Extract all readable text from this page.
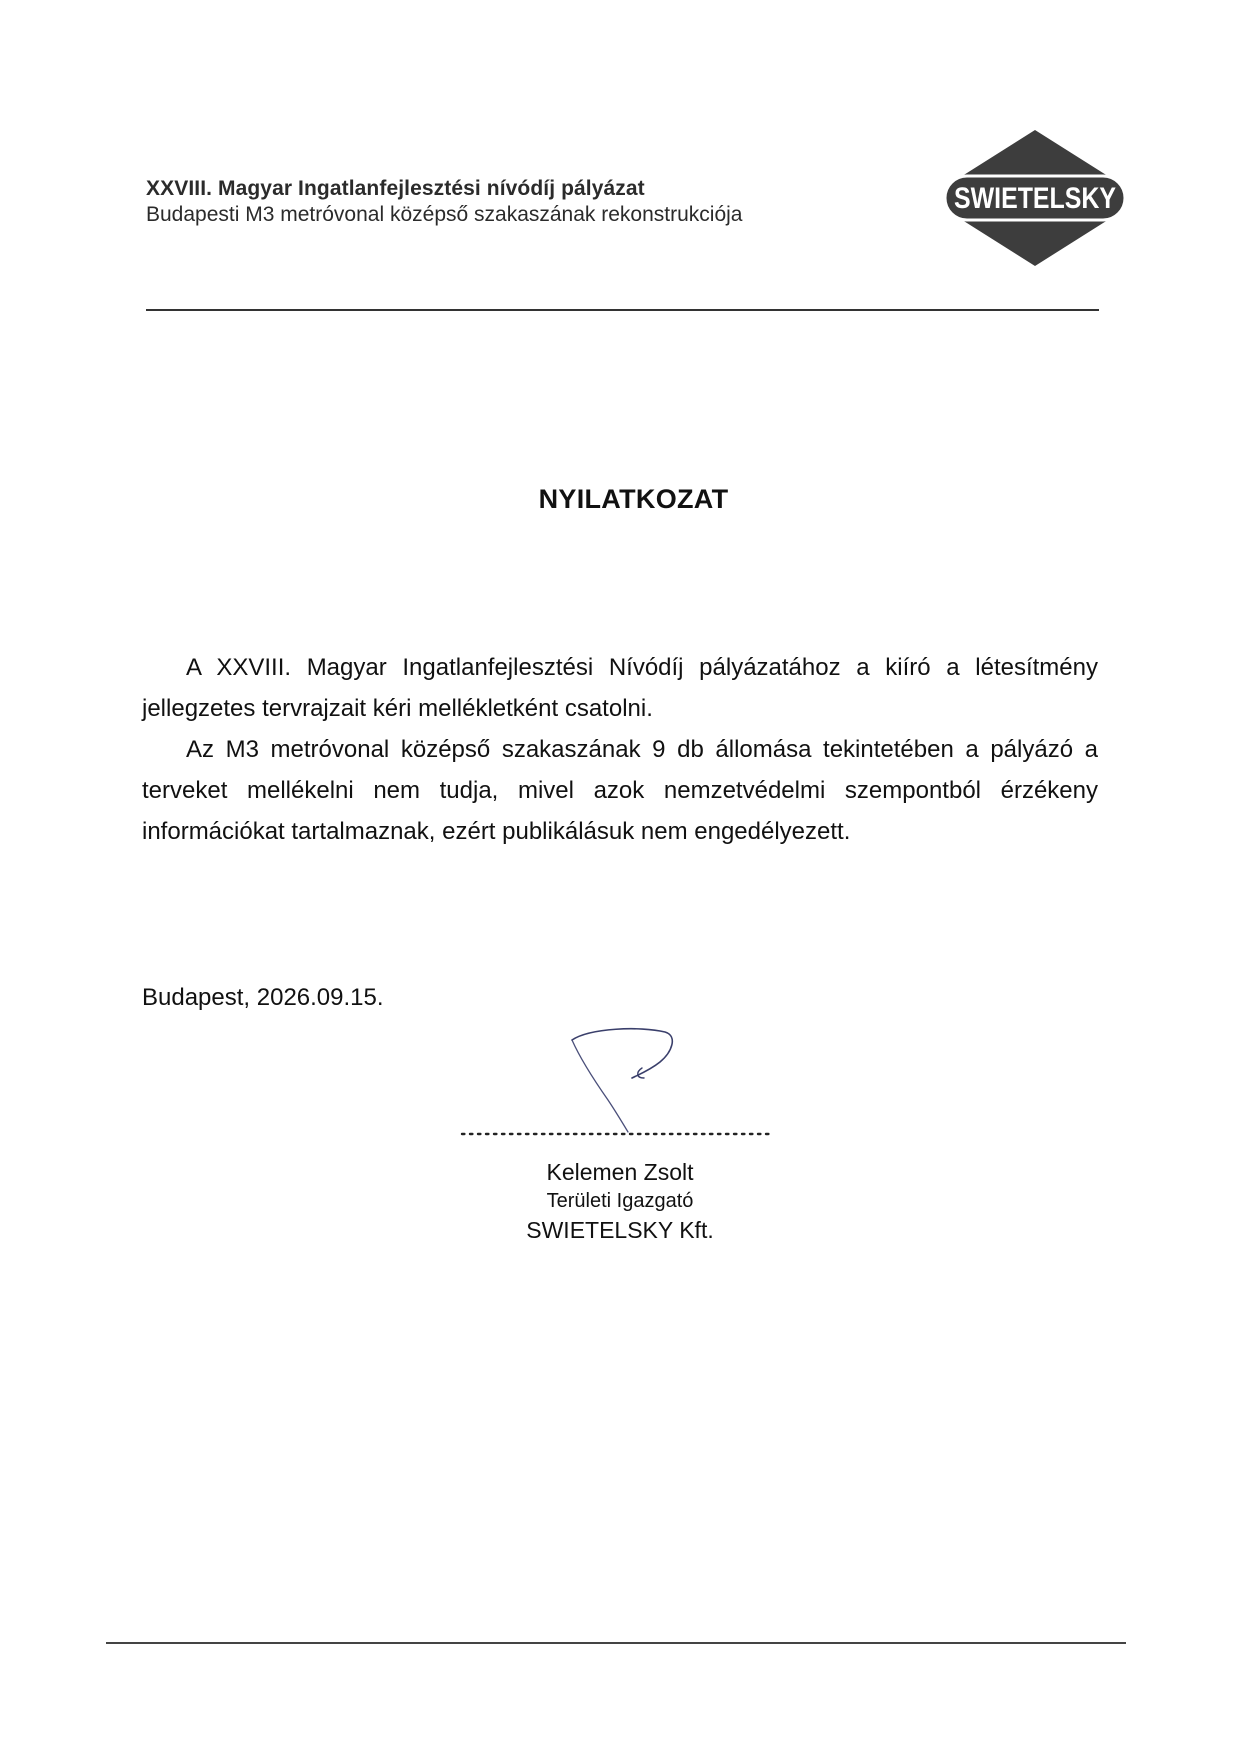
XXVIII. Magyar Ingatlanfejlesztési nívódíj pályázat
Budapesti M3 metróvonal középső szakaszának rekonstrukciója	SWIETELSKY
NYILATKOZAT

A XXVIII. Magyar Ingatlanfejlesztési Nívódíj pályázatához a kiíró a létesítmény jellegzetes tervrajzait kéri mellékletként csatolni.

Az M3 metróvonal középső szakaszának 9 db állomása tekintetében a pályázó a terveket mellékelni nem tudja, mivel azok nemzetvédelmi szempontból érzékeny információkat tartalmaznak, ezért publikálásuk nem engedélyezett.

Budapest, 2026.09.15.
Kelemen Zsolt
Területi Igazgató
SWIETELSKY Kft.
